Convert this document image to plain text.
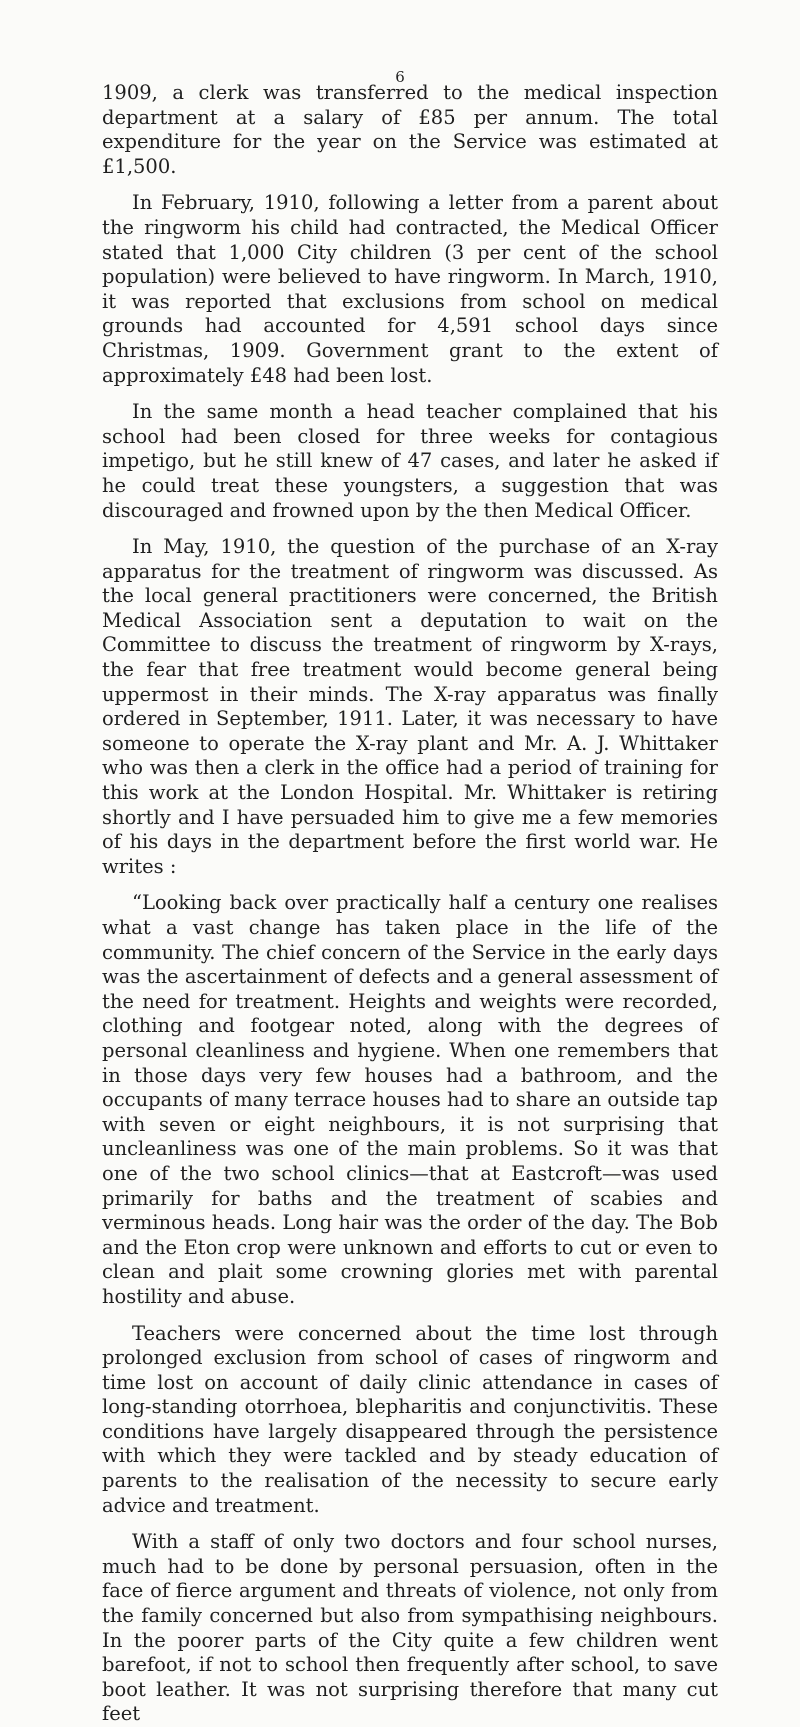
6

1909, a clerk was transferred to the medical inspection department at a salary of £85 per annum. The total expenditure for the year on the Service was estimated at £1,500.

In February, 1910, following a letter from a parent about the ringworm his child had contracted, the Medical Officer stated that 1,000 City children (3 per cent of the school population) were believed to have ringworm. In March, 1910, it was reported that exclusions from school on medical grounds had accounted for 4,591 school days since Christmas, 1909. Government grant to the extent of approximately £48 had been lost.

In the same month a head teacher complained that his school had been closed for three weeks for contagious impetigo, but he still knew of 47 cases, and later he asked if he could treat these youngsters, a suggestion that was discouraged and frowned upon by the then Medical Officer.

In May, 1910, the question of the purchase of an X-ray apparatus for the treatment of ringworm was discussed. As the local general practitioners were concerned, the British Medical Association sent a deputation to wait on the Committee to discuss the treatment of ringworm by X-rays, the fear that free treatment would become general being uppermost in their minds. The X-ray apparatus was finally ordered in September, 1911. Later, it was necessary to have someone to operate the X-ray plant and Mr. A. J. Whittaker who was then a clerk in the office had a period of training for this work at the London Hospital. Mr. Whittaker is retiring shortly and I have persuaded him to give me a few memories of his days in the department before the first world war. He writes :

“Looking back over practically half a century one realises what a vast change has taken place in the life of the community. The chief concern of the Service in the early days was the ascertainment of defects and a general assessment of the need for treatment. Heights and weights were recorded, clothing and footgear noted, along with the degrees of personal cleanliness and hygiene. When one remembers that in those days very few houses had a bathroom, and the occupants of many terrace houses had to share an outside tap with seven or eight neighbours, it is not surprising that uncleanliness was one of the main problems. So it was that one of the two school clinics—that at Eastcroft—was used primarily for baths and the treatment of scabies and verminous heads. Long hair was the order of the day. The Bob and the Eton crop were unknown and efforts to cut or even to clean and plait some crowning glories met with parental hostility and abuse.

Teachers were concerned about the time lost through prolonged exclusion from school of cases of ringworm and time lost on account of daily clinic attendance in cases of long-standing otorrhoea, blepharitis and conjunctivitis. These conditions have largely disappeared through the persistence with which they were tackled and by steady education of parents to the realisation of the necessity to secure early advice and treatment.

With a staff of only two doctors and four school nurses, much had to be done by personal persuasion, often in the face of fierce argument and threats of violence, not only from the family concerned but also from sympathising neighbours. In the poorer parts of the City quite a few children went barefoot, if not to school then frequently after school, to save boot leather. It was not surprising therefore that many cut feet
